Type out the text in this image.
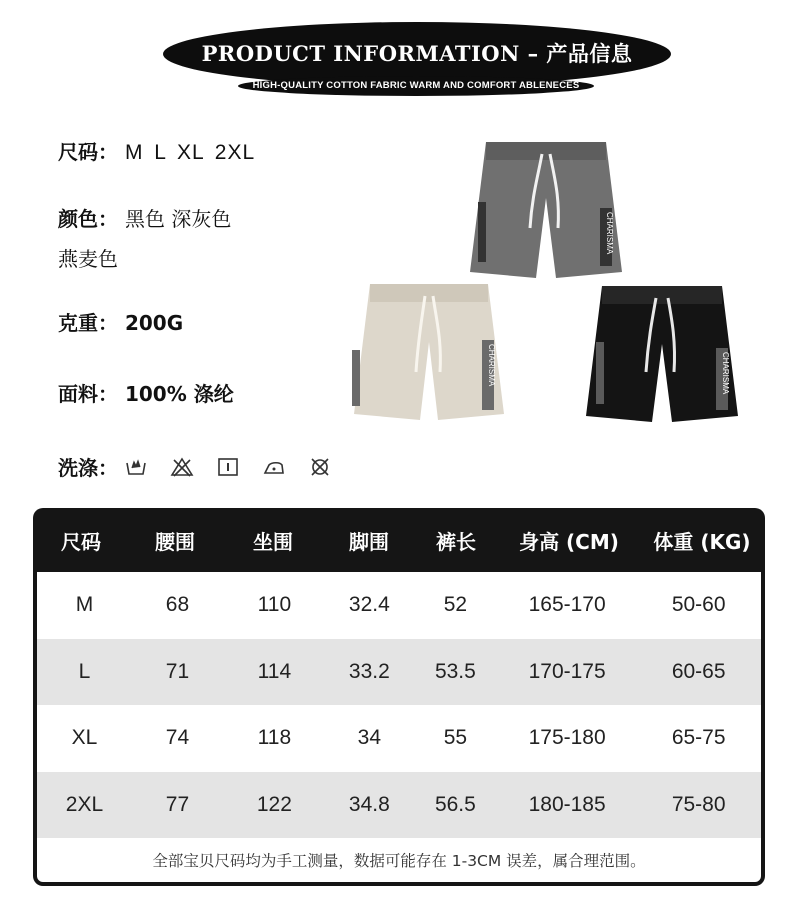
PRODUCT INFORMATION – 产品信息
HIGH-QUALITY COTTON FABRIC WARM AND COMFORT ABLENECES
尺码： M L XL 2XL
颜色： 黑色 深灰色
燕麦色
克重： 200G
面料： 100% 涤纶
洗涤：
CHARISMA
CHARISMA	CHARISMA
尺码	腰围	坐围	脚围	裤长	身高 (CM)	体重 (KG)
M	68	110	32.4	52	165-170	50-60
L	71	114	33.2	53.5	170-175	60-65
XL	74	118	34	55	175-180	65-75
2XL	77	122	34.8	56.5	180-185	75-80
全部宝贝尺码均为手工测量，数据可能存在 1-3CM 误差，属合理范围。
